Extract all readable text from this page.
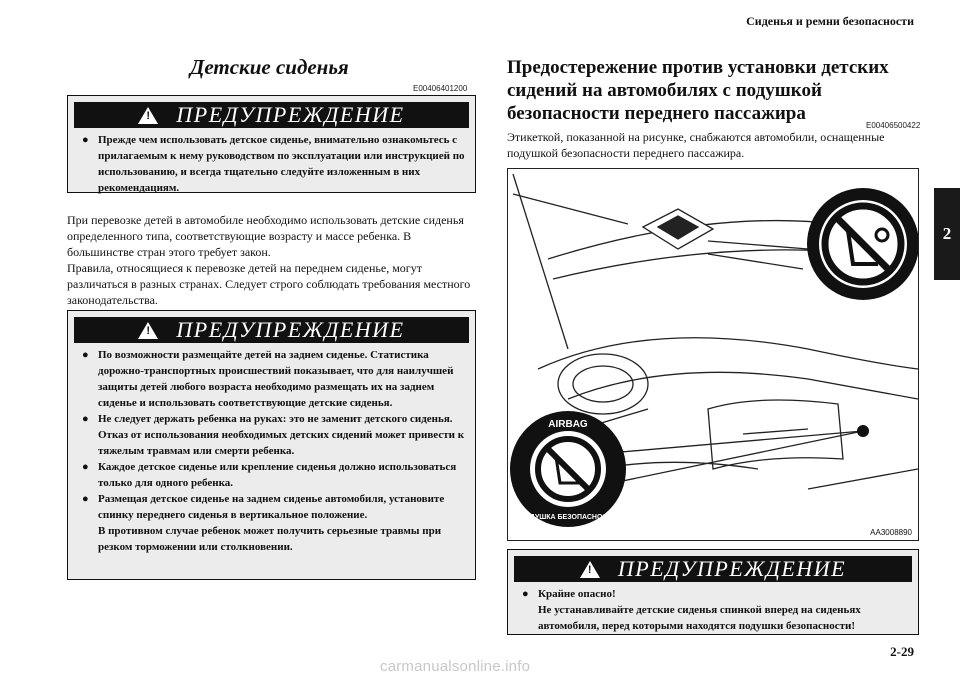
Сиденья и ремни безопасности
2
Детские сиденья
E00406401200
!
ПРЕДУПРЕЖДЕНИЕ
● Прежде чем использовать детское сиденье, внимательно ознакомьтесь с прилагаемым к нему руководством по эксплуатации или инструкцией по использованию, и всегда тщательно следуйте изложенным в них рекомендациям.
При перевозке детей в автомобиле необходимо использовать детские сиденья определенного типа, соответствующие возрасту и массе ребенка. В большинстве стран этого требует закон.
Правила, относящиеся к перевозке детей на переднем сиденье, могут различаться в разных странах. Следует строго соблюдать требования местного законодательства.
!
ПРЕДУПРЕЖДЕНИЕ
● По возможности размещайте детей на заднем сиденье. Статистика дорожно-транспортных происшествий показывает, что для наилучшей защиты детей любого возраста необходимо размещать их на заднем сиденье и использовать соответствующие детские сиденья.
● Не следует держать ребенка на руках: это не заменит детского сиденья. Отказ от использования необходимых детских сидений может привести к тяжелым травмам или смерти ребенка.
● Каждое детское сиденье или крепление сиденья должно использоваться только для одного ребенка.
● Размещая детское сиденье на заднем сиденье автомобиля, установите спинку переднего сиденья в вертикальное положение.
В противном случае ребенок может получить серьезные травмы при резком торможении или столкновении.
Предостережение против установки детских сидений на автомобилях с подушкой безопасности переднего пассажира
E00406500422
Этикеткой, показанной на рисунке, снабжаются автомобили, оснащенные подушкой безопасности переднего пассажира.
AIRBAG
ПОДУШКА БЕЗОПАСНОСТИ
AA3008890
!
ПРЕДУПРЕЖДЕНИЕ
● Крайне опасно!
Не устанавливайте детские сиденья спинкой вперед на сиденьях автомобиля, перед которыми находятся подушки безопасности!
2-29
carmanualsonline.info
